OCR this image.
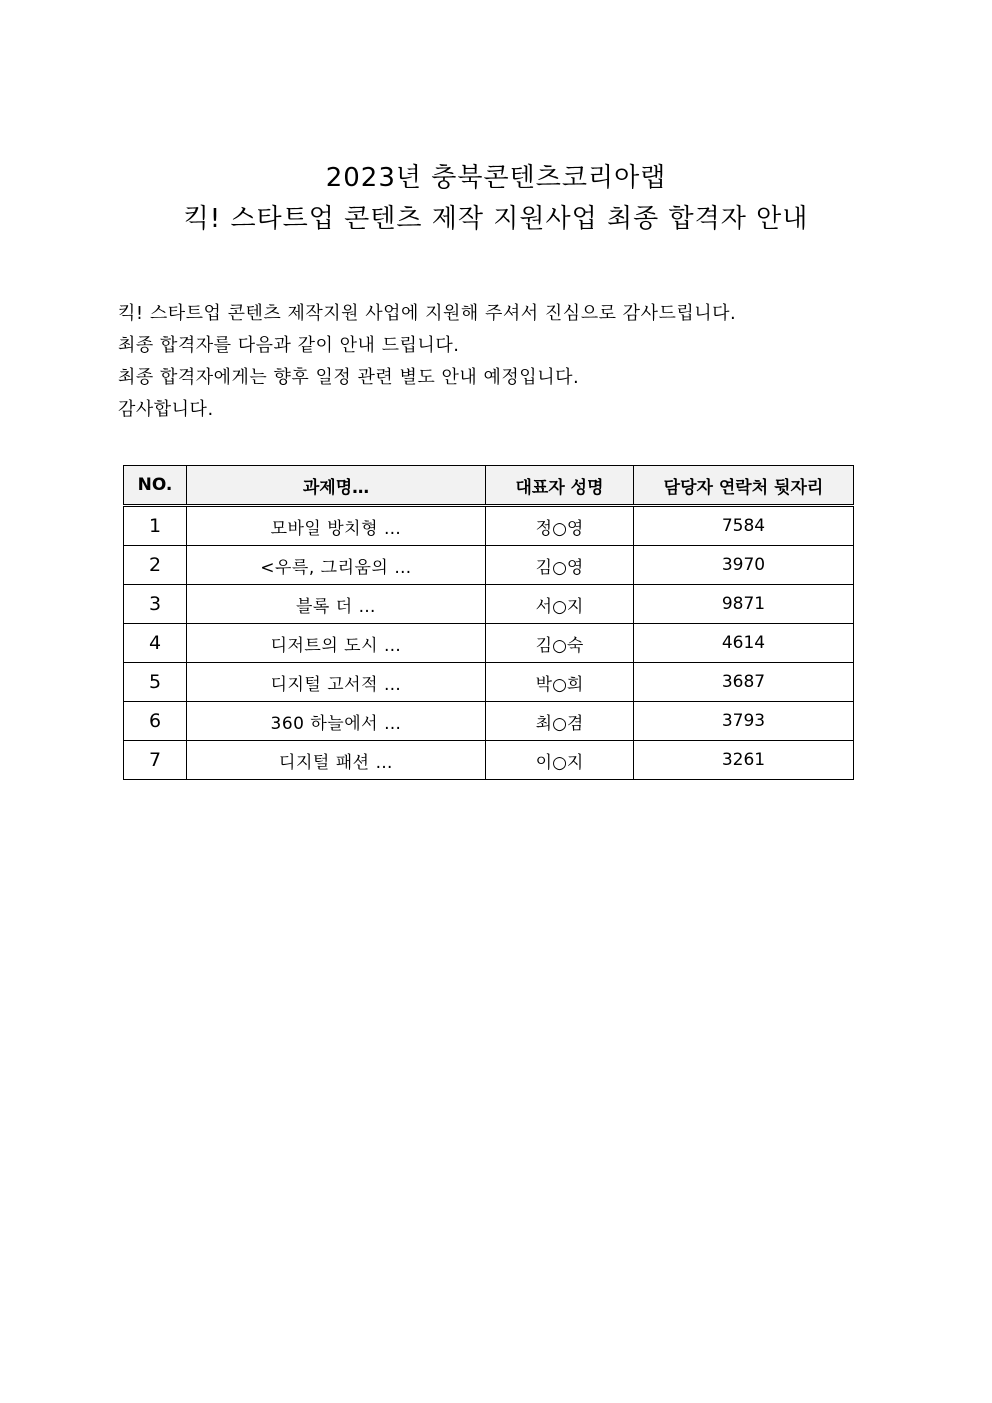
2023년 충북콘텐츠코리아랩
킥! 스타트업 콘텐츠 제작 지원사업 최종 합격자 안내
킥! 스타트업 콘텐츠 제작지원 사업에 지원해 주셔서 진심으로 감사드립니다.
최종 합격자를 다음과 같이 안내 드립니다.
최종 합격자에게는 향후 일정 관련 별도 안내 예정입니다.
감사합니다.
NO.	과제명…	대표자 성명	담당자 연락처 뒷자리
1	모바일 방치형 …	정○영	7584
2	<우륵, 그리움의 …	김○영	3970
3	블록 더 …	서○지	9871
4	디저트의 도시 …	김○숙	4614
5	디지털 고서적 …	박○희	3687
6	360 하늘에서 …	최○겸	3793
7	디지털 패션 …	이○지	3261
